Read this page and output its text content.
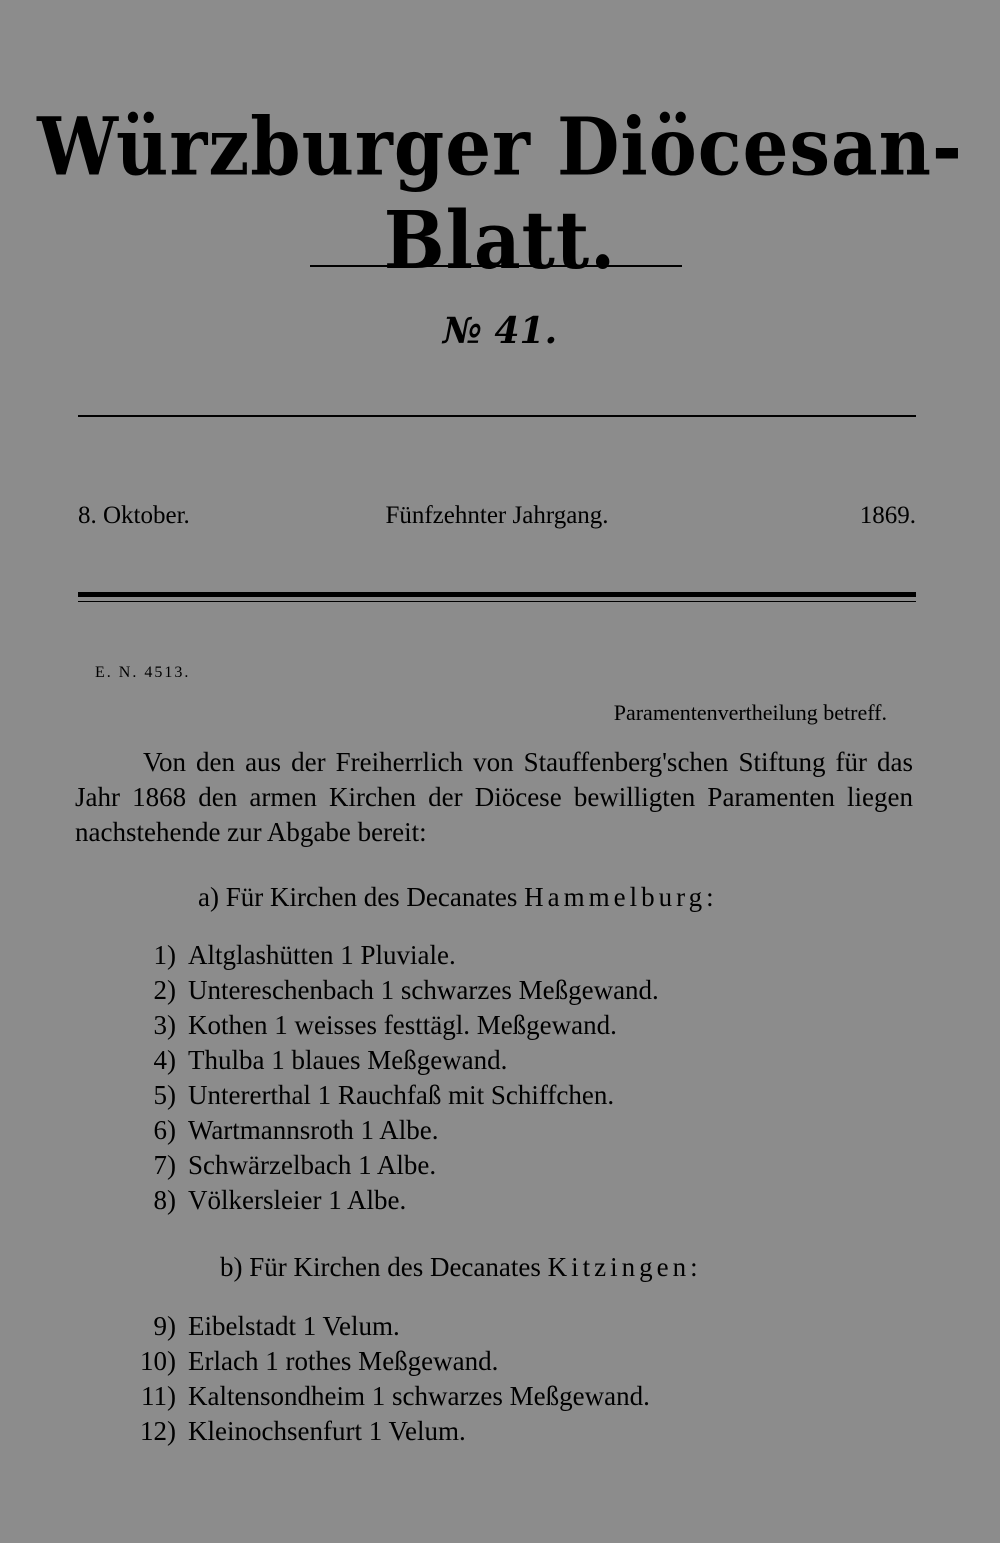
Würzburger Diöcesan-Blatt.
№ 41.
8. Oktober.	Fünfzehnter Jahrgang.	1869.
E. N. 4513.
Paramentenvertheilung betreff.
Von den aus der Freiherrlich von Stauffenberg'schen Stiftung für das Jahr 1868 den armen Kirchen der Diöcese bewilligten Paramenten liegen nachstehende zur Abgabe bereit:
a) Für Kirchen des Decanates Hammelburg:
1) Altglashütten 1 Pluviale.
2) Untereschenbach 1 schwarzes Meßgewand.
3) Kothen 1 weisses festtägl. Meßgewand.
4) Thulba 1 blaues Meßgewand.
5) Untererthal 1 Rauchfaß mit Schiffchen.
6) Wartmannsroth 1 Albe.
7) Schwärzelbach 1 Albe.
8) Völkersleier 1 Albe.
b) Für Kirchen des Decanates Kitzingen:
9) Eibelstadt 1 Velum.
10) Erlach 1 rothes Meßgewand.
11) Kaltensondheim 1 schwarzes Meßgewand.
12) Kleinochsenfurt 1 Velum.
